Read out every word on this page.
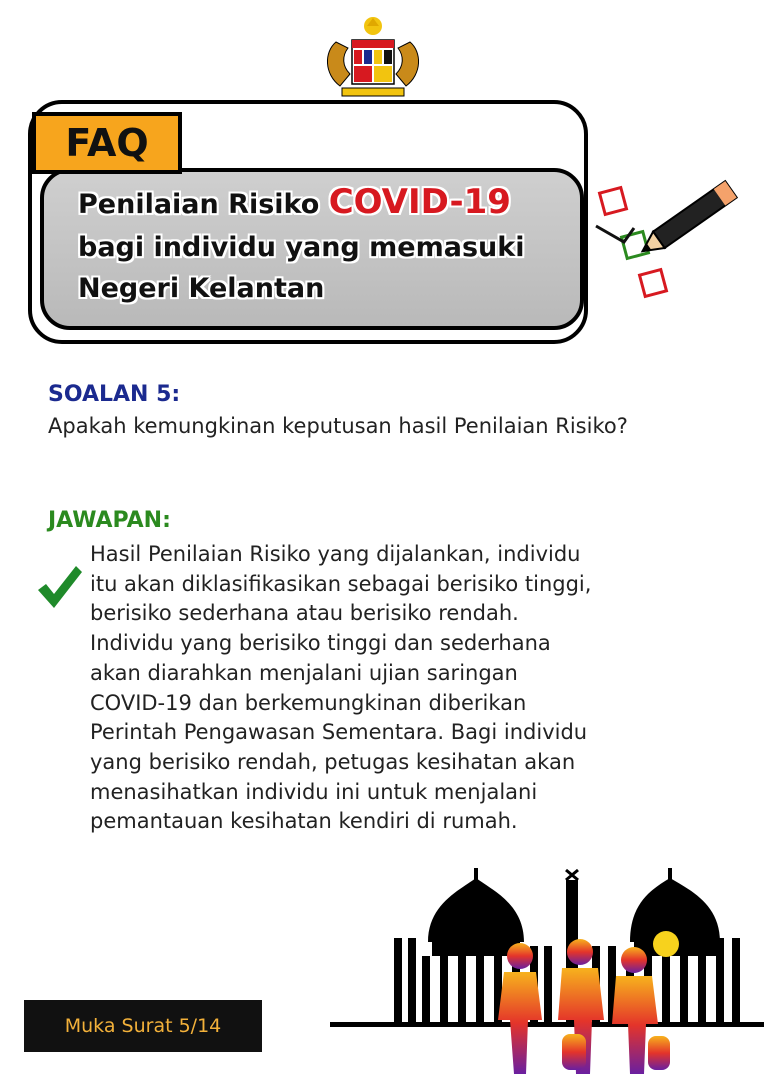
FAQ
Penilaian Risiko COVID-19
bagi individu yang memasuki
Negeri Kelantan
SOALAN 5:
Apakah kemungkinan keputusan hasil Penilaian Risiko?
JAWAPAN:
Hasil Penilaian Risiko yang dijalankan, individu
itu akan diklasifikasikan sebagai berisiko tinggi,
berisiko sederhana atau berisiko rendah.
Individu yang berisiko tinggi dan sederhana
akan diarahkan menjalani ujian saringan
COVID-19 dan berkemungkinan diberikan
Perintah Pengawasan Sementara. Bagi individu
yang berisiko rendah, petugas kesihatan akan
menasihatkan individu ini untuk menjalani
pemantauan kesihatan kendiri di rumah.
Muka Surat 5/14
